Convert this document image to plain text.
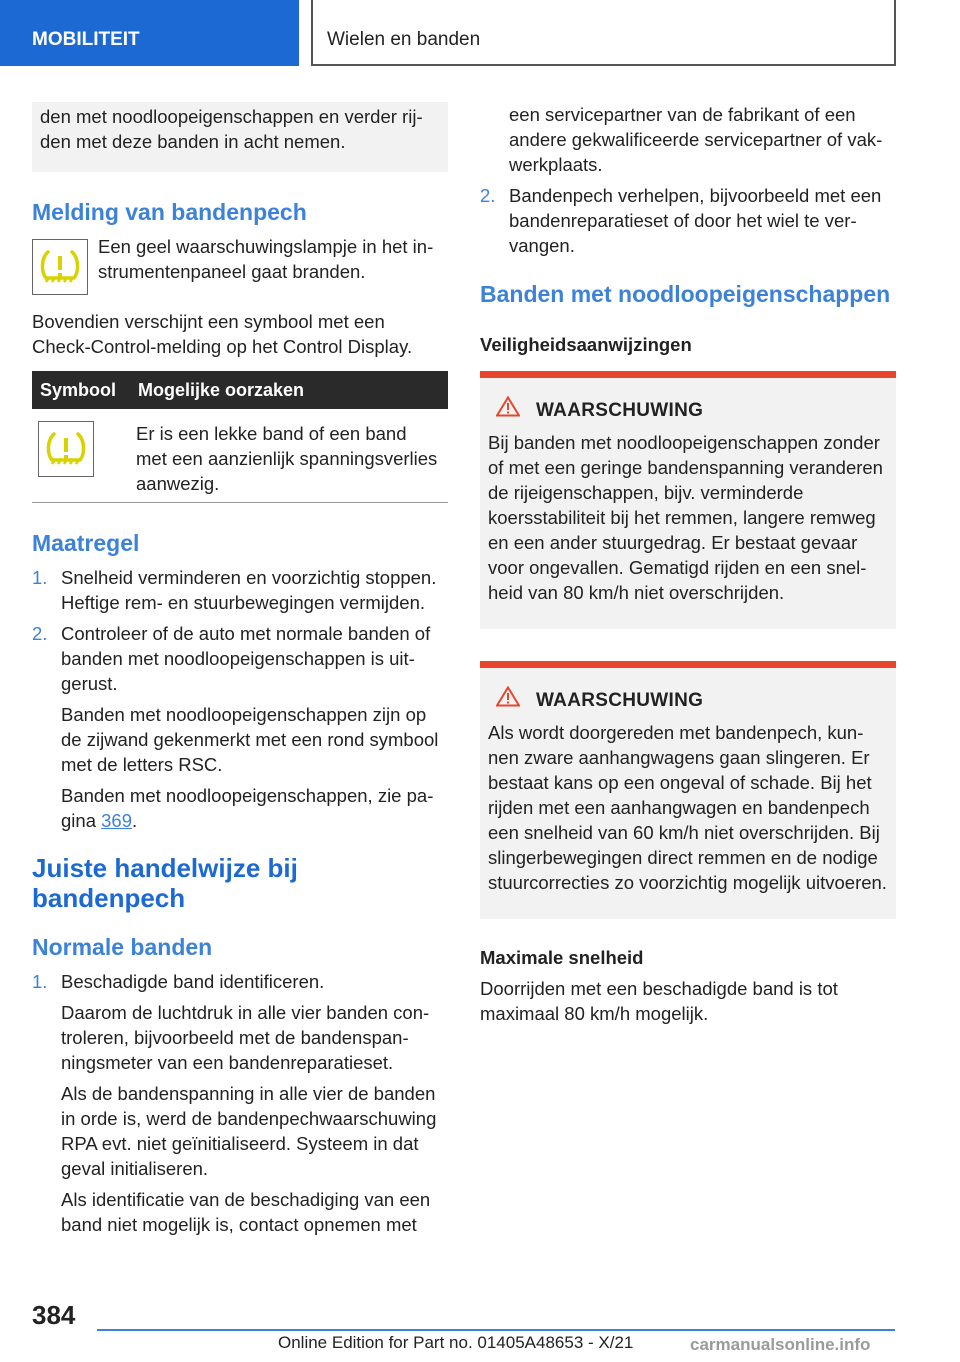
MOBILITEIT	Wielen en banden

den met noodloopeigenschappen en verder rijden met deze banden in acht nemen.

Melding van bandenpech

Een geel waarschuwingslampje in het instrumentenpaneel gaat branden.

Bovendien verschijnt een symbool met een Check-Control-melding op het Control Display.

Symbool	Mogelijke oorzaken

	Er is een lekke band of een band met een aanzienlijk spanningsverlies aanwezig.
Maatregel
1. Snelheid verminderen en voorzichtig stoppen. Heftige rem- en stuurbewegingen vermijden.
2. Controleer of de auto met normale banden of banden met noodloopeigenschappen is uitgerust.

Banden met noodloopeigenschappen zijn op de zijwand gekenmerkt met een rond symbool met de letters RSC.

Banden met noodloopeigenschappen, zie pagina 369.

Juiste handelwijze bij bandenpech
Normale banden
1. Beschadigde band identificeren.

Daarom de luchtdruk in alle vier banden controleren, bijvoorbeeld met de bandenspanningsmeter van een bandenreparatieset.

Als de bandenspanning in alle vier de banden in orde is, werd de bandenpechwaarschuwing RPA evt. niet geïnitialiseerd. Systeem in dat geval initialiseren.

Als identificatie van de beschadiging van een band niet mogelijk is, contact opnemen met

een servicepartner van de fabrikant of een andere gekwalificeerde servicepartner of vakwerkplaats.
2. Bandenpech verhelpen, bijvoorbeeld met een bandenreparatieset of door het wiel te vervangen.
Banden met noodloopeigenschappen
Veiligheidsaanwijzingen
WAARSCHUWING

Bij banden met noodloopeigenschappen zonder of met een geringe bandenspanning veranderen de rijeigenschappen, bijv. verminderde koersstabiliteit bij het remmen, langere remweg en een ander stuurgedrag. Er bestaat gevaar voor ongevallen. Gematigd rijden en een snelheid van 80 km/h niet overschrijden.

WAARSCHUWING

Als wordt doorgereden met bandenpech, kunnen zware aanhangwagens gaan slingeren. Er bestaat kans op een ongeval of schade. Bij het rijden met een aanhangwagen en bandenpech een snelheid van 60 km/h niet overschrijden. Bij slingerbewegingen direct remmen en de nodige stuurcorrecties zo voorzichtig mogelijk uitvoeren.

Maximale snelheid

Doorrijden met een beschadigde band is tot maximaal 80 km/h mogelijk.

384
Online Edition for Part no. 01405A48653 - X/21	carmanualsonline.info
